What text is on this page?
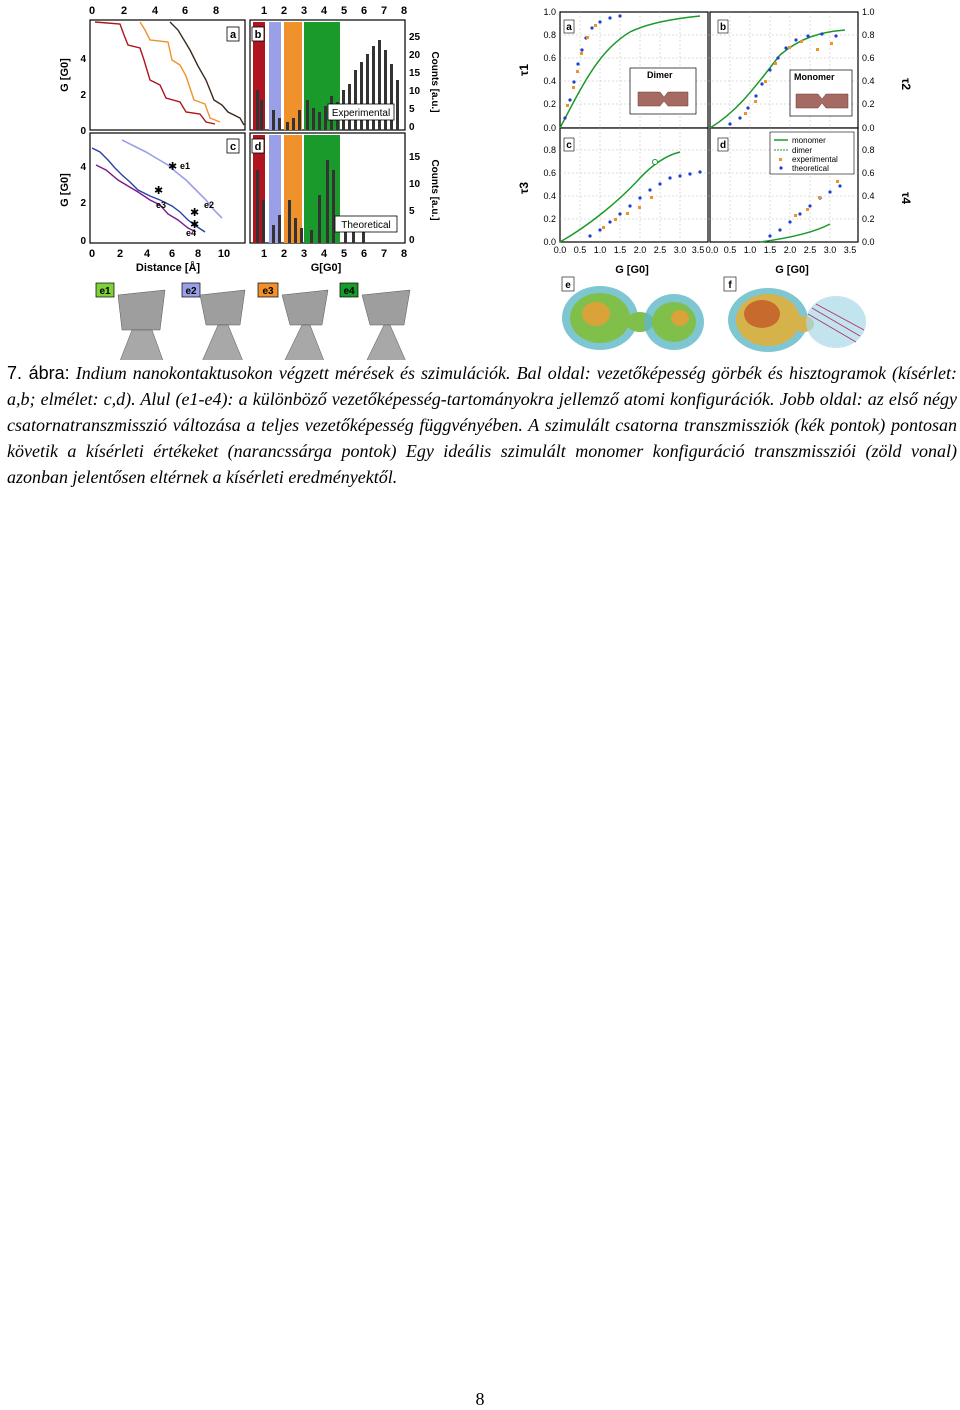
0 2 4 6 8	1 2 3 4 5 6 7 8
G [G0] 4
2
0
a
Experimental
b	25
20
15
10
5
0
Counts [a.u.]
G [G0]
4
2
0
✱ e1
✱
e3
✱
e2
✱
e4
c
Theoretical
d
15
10
5
0
Counts [a.u.]
0 2 4 6 8 10	1 2 3 4 5 6 7 8
Distance [Å]	G[G0]
e1	e2	e3	e4
1.0
0.8
0.6
0.4
0.2
0.0
0.8
0.6
0.4
0.2
0.0
1.0
0.8
0.6
0.4
0.2
0.0
0.8
0.6
0.4
0.2
0.0
τ1
τ3
τ2
τ4
a	b
c	d
Dimer	Monomer
monomer
dimer
experimental
theoretical
0.0 0.5 1.0 1.5 2.0 2.5 3.0 3.5 0.0 0.5 1.0 1.5 2.0 2.5 3.0 3.5
G [G0]	G [G0]
e	f
7. ábra: Indium nanokontaktusokon végzett mérések és szimulációk. Bal oldal: vezetőképesség görbék és hisztogramok (kísérlet: a,b; elmélet: c,d). Alul (e1-e4): a különböző vezetőképesség-tartományokra jellemző atomi konfigurációk. Jobb oldal: az első négy csatornatranszmisszió változása a teljes vezetőképesség függvényében. A szimulált csatorna transzmissziók (kék pontok) pontosan követik a kísérleti értékeket (narancssárga pontok) Egy ideális szimulált monomer konfiguráció transzmissziói (zöld vonal) azonban jelentősen eltérnek a kísérleti eredményektől.
8
